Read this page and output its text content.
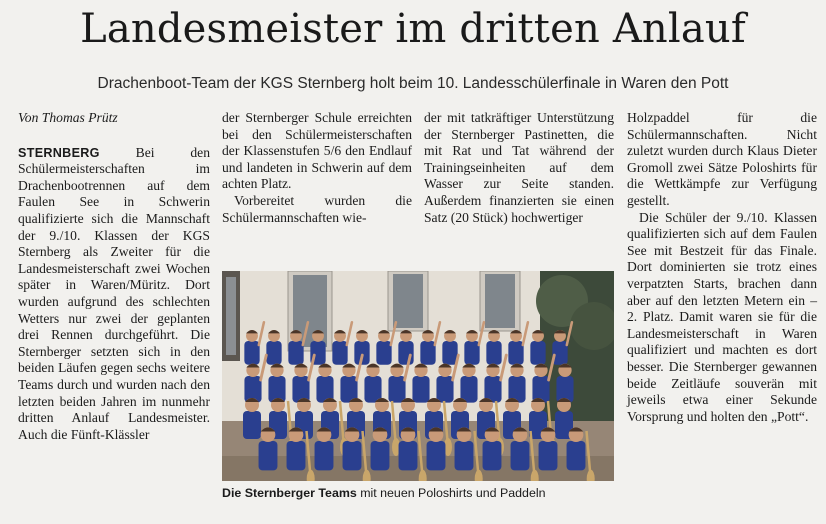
Landesmeister im dritten Anlauf
Drachenboot-Team der KGS Sternberg holt beim 10. Landesschülerfinale in Waren den Pott

Von Thomas Prütz

STERNBERG	Bei den Schülermeisterschaften im Drachenbootrennen auf dem Faulen See in Schwerin qualifizierte sich die Mannschaft der 9./10. Klassen der KGS Sternberg als Zweiter für die Landesmeisterschaft zwei Wochen später in Waren/Müritz. Dort wurden aufgrund des schlechten Wetters nur zwei der geplanten drei Rennen durchgeführt. Die Sternberger setzten sich in den beiden Läufen gegen sechs weitere Teams durch und wurden nach den letzten beiden Jahren im nunmehr dritten Anlauf Landesmeister. Auch die Fünft-Klässler

der Sternberger Schule erreichten bei den Schülermeisterschaften der Klassenstufen 5/6 den Endlauf und landeten in Schwerin auf dem achten Platz.

Vorbereitet wurden die Schülermannschaften wie-

der mit tatkräftiger Unterstützung der Sternberger Pastinetten, die mit Rat und Tat während der Trainingseinheiten auf dem Wasser zur Seite standen. Außerdem finanzierten sie einen Satz (20 Stück) hochwertiger

Holzpaddel für die Schülermannschaften. Nicht zuletzt wurden durch Klaus Dieter Gromoll zwei Sätze Poloshirts für die Wettkämpfe zur Verfügung gestellt.

Die Schüler der 9./10. Klassen qualifizierten sich auf dem Faulen See mit Bestzeit für das Finale. Dort dominierten sie trotz eines verpatzten Starts, brachen dann aber auf den letzten Metern ein – 2. Platz. Damit waren sie für die Landesmeisterschaft in Waren qualifiziert und machten es dort besser. Die Sternberger gewannen beide Zeitläufe souverän mit jeweils etwa einer Sekunde Vorsprung und holten den „Pott“.

Die Sternberger Teams mit neuen Poloshirts und Paddeln
